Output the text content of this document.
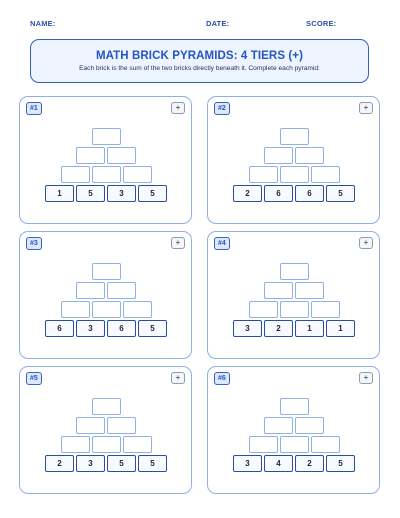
NAME:	DATE:	SCORE:
MATH BRICK PYRAMIDS: 4 TIERS (+)
Each brick is the sum of the two bricks directly beneath it. Complete each pyramid:
#1	+
1	5	3	5
#2	+
2	6	6	5
#3	+
6	3	6	5
#4	+
3	2	1	1
#5	+
2	3	5	5
#6	+
3	4	2	5
